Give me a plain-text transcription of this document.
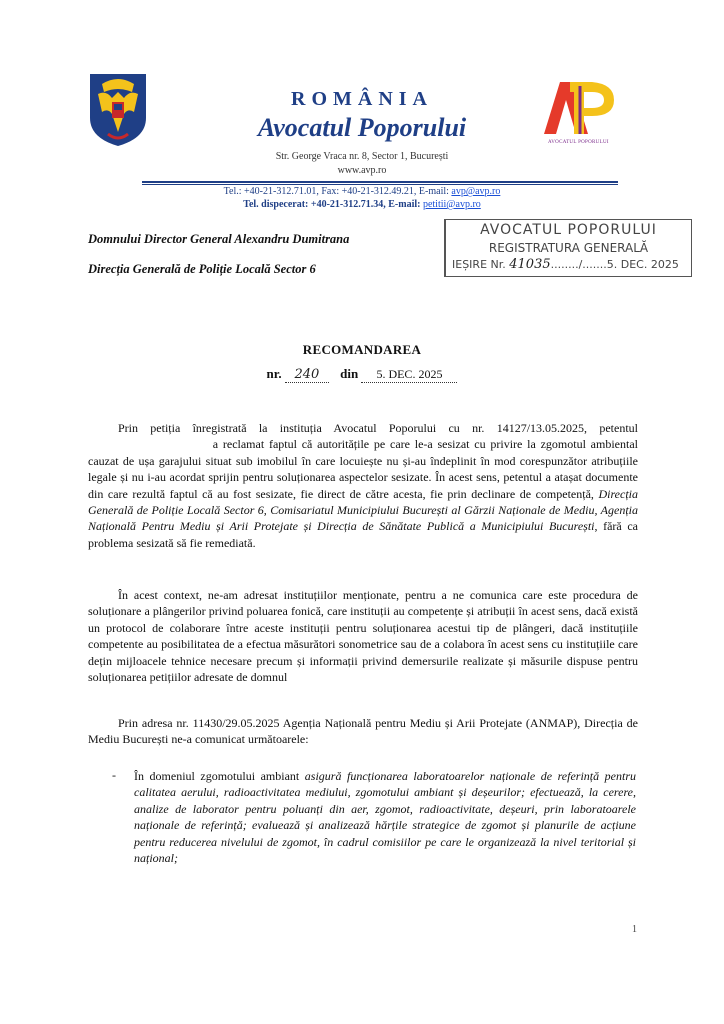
AVOCATUL POPORULUI
ROMÂNIA
Avocatul Poporului
Str. George Vraca nr. 8, Sector 1, București
www.avp.ro
Tel.: +40-21-312.71.01, Fax: +40-21-312.49.21, E-mail: avp@avp.ro
Tel. dispecerat: +40-21-312.71.34, E-mail: petitii@avp.ro
Domnului Director General Alexandru Dumitrana
Direcția Generală de Poliție Locală Sector 6
AVOCATUL POPORULUI
REGISTRATURA GENERALĂ
IEȘIRE Nr. 41035......../.......5. DEC. 2025
RECOMANDAREA
nr. 240 din 5. DEC. 2025

Prin petiția înregistrată la instituția Avocatul Poporului cu nr. 14127/13.05.2025, petentul  a reclamat faptul că autoritățile pe care le-a sesizat cu privire la zgomotul ambiental cauzat de ușa garajului situat sub imobilul în care locuiește nu și-au îndeplinit în mod corespunzător atribuțiile legale și nu i-au acordat sprijin pentru soluționarea aspectelor sesizate. În acest sens, petentul a atașat documente din care rezultă faptul că au fost sesizate, fie direct de către acesta, fie prin declinare de competență, Direcția Generală de Poliție Locală Sector 6, Comisariatul Municipiului București al Gărzii Naționale de Mediu, Agenția Națională Pentru Mediu și Arii Protejate și Direcția de Sănătate Publică a Municipiului București, fără ca problema sesizată să fie remediată.

În acest context, ne-am adresat instituțiilor menționate, pentru a ne comunica care este procedura de soluționare a plângerilor privind poluarea fonică, care instituții au competențe și atribuții în acest sens, dacă există un protocol de colaborare între aceste instituții pentru soluționarea acestui tip de plângeri, dacă instituțiile competente au posibilitatea de a efectua măsurători sonometrice sau de a colabora în acest sens cu instituțiile care dețin mijloacele tehnice necesare precum și informații privind demersurile realizate și măsurile dispuse pentru soluționarea petițiilor adresate de domnul

Prin adresa nr. 11430/29.05.2025 Agenția Națională pentru Mediu și Arii Protejate (ANMAP), Direcția de Mediu București ne-a comunicat următoarele:

- În domeniul zgomotului ambiant asigură funcționarea laboratoarelor naționale de referință pentru calitatea aerului, radioactivitatea mediului, zgomotului ambiant și deșeurilor; efectuează, la cerere, analize de laborator pentru poluanți din aer, zgomot, radioactivitate, deșeuri, prin laboratoarele naționale de referință; evaluează și analizează hărțile strategice de zgomot și planurile de acțiune pentru reducerea nivelului de zgomot, în cadrul comisiilor pe care le organizează la nivel teritorial și național;
1
